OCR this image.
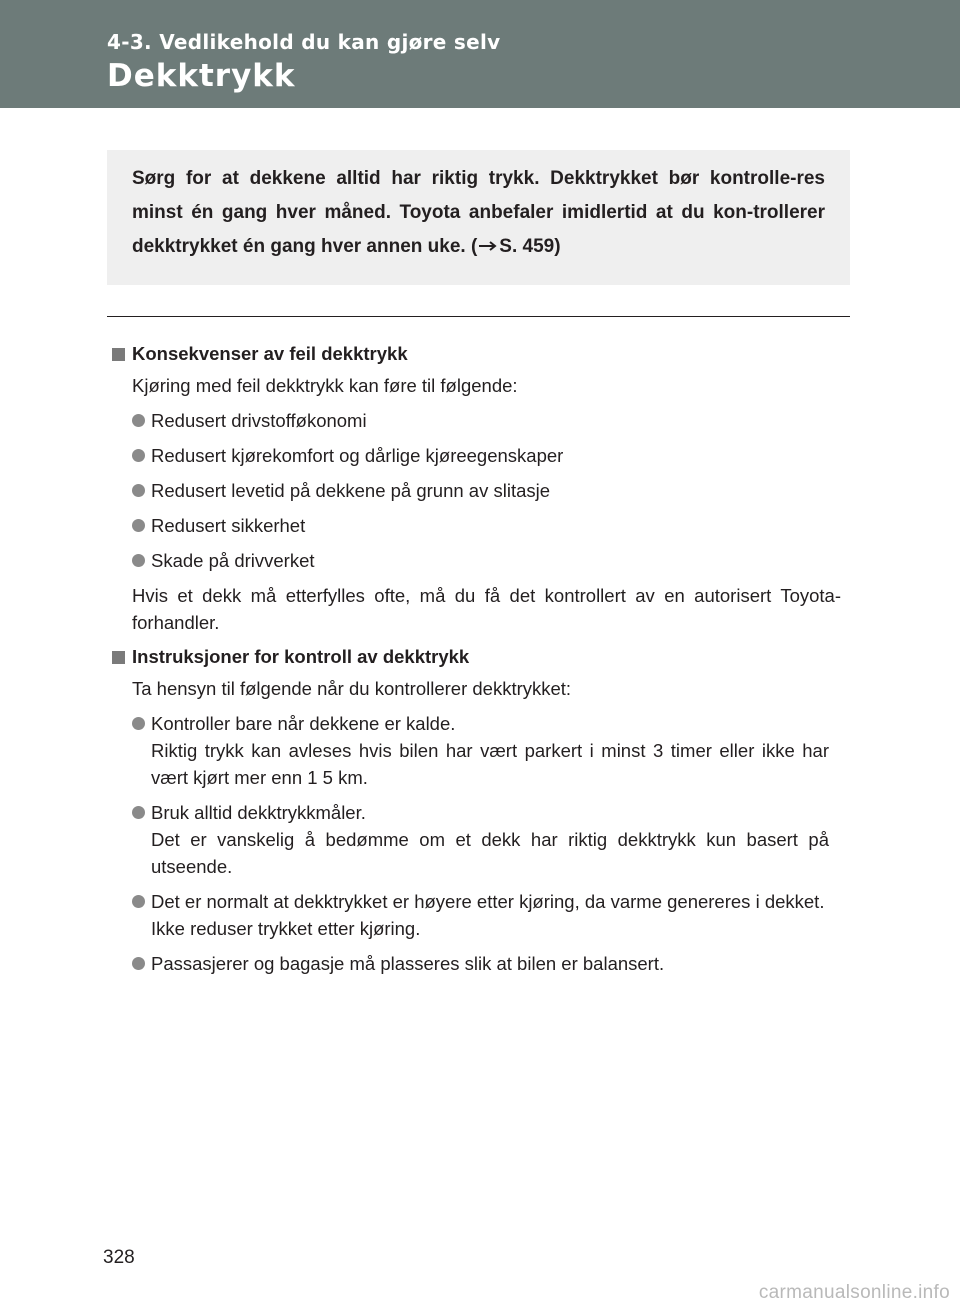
4-3. Vedlikehold du kan gjøre selv
Dekktrykk

Sørg for at dekkene alltid har riktig trykk. Dekktrykket bør kontrolle-res minst én gang hver måned. Toyota anbefaler imidlertid at du kon-trollerer dekktrykket én gang hver annen uke. ( S. 459)

Konsekvenser av feil dekktrykk

Kjøring med feil dekktrykk kan føre til følgende:

Redusert drivstofføkonomi
Redusert kjørekomfort og dårlige kjøreegenskaper
Redusert levetid på dekkene på grunn av slitasje
Redusert sikkerhet
Skade på drivverket

Hvis et dekk må etterfylles ofte, må du få det kontrollert av en autorisert Toyota-forhandler.

Instruksjoner for kontroll av dekktrykk

Ta hensyn til følgende når du kontrollerer dekktrykket:

Kontroller bare når dekkene er kalde.
Riktig trykk kan avleses hvis bilen har vært parkert i minst 3 timer eller ikke har vært kjørt mer enn 1 5 km.
Bruk alltid dekktrykkmåler.
Det er vanskelig å bedømme om et dekk har riktig dekktrykk kun basert på utseende.
Det er normalt at dekktrykket er høyere etter kjøring, da varme genereres i dekket. Ikke reduser trykket etter kjøring.
Passasjerer og bagasje må plasseres slik at bilen er balansert.
328
carmanualsonline.info
